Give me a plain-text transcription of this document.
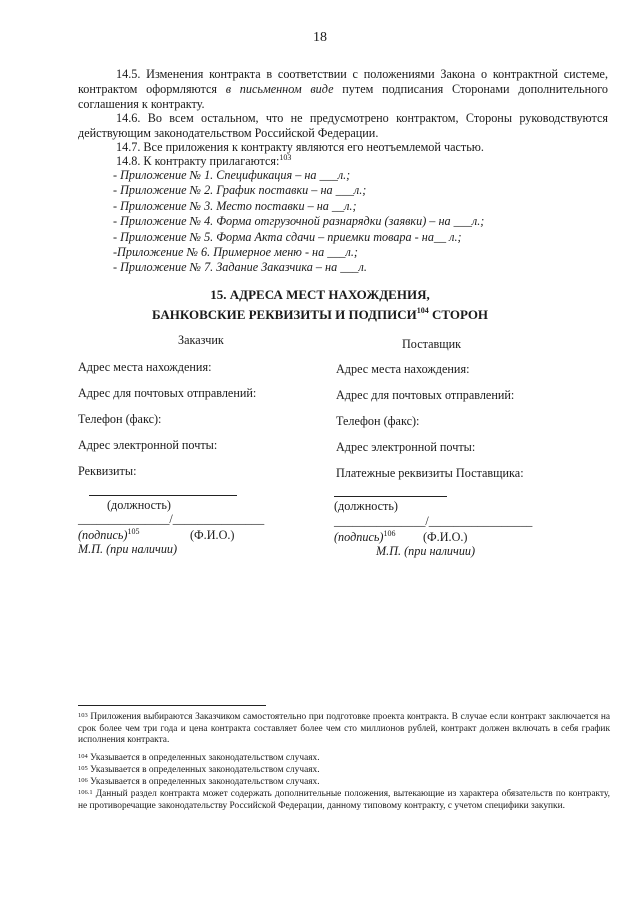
18
14.5. Изменения контракта в соответствии с положениями Закона о контрактной системе, контрактом оформляются в письменном виде путем подписания Сторонами дополнительного соглашения к контракту.
14.6. Во всем остальном, что не предусмотрено контрактом, Стороны руководствуются действующим законодательством Российской Федерации.
14.7. Все приложения к контракту являются его неотъемлемой частью.
14.8. К контракту прилагаются:$^{103}$
- Приложение № 1. Спецификация – на ___л.;
- Приложение № 2. График поставки – на ___л.;
- Приложение № 3. Место поставки – на __л.;
- Приложение № 4. Форма отгрузочной разнарядки (заявки) – на ___л.;
- Приложение № 5. Форма Акта сдачи – приемки товара - на__ л.;
-Приложение № 6. Примерное меню - на ___л.;
- Приложение № 7. Задание Заказчика – на ___л.
15. АДРЕСА МЕСТ НАХОЖДЕНИЯ,
БАНКОВСКИЕ РЕКВИЗИТЫ И ПОДПИСИ$^{104}$ СТОРОН
Заказчик	Поставщик
Адрес места нахождения:
Адрес для почтовых отправлений:
Телефон (факс):
Адрес электронной почты:
Реквизиты:
Адрес места нахождения:
Адрес для почтовых отправлений:
Телефон (факс):
Адрес электронной почты:
Платежные реквизиты Поставщика:
(должность)
_______________/_______________
(подпись)$^{105}$	(Ф.И.О.)
М.П. (при наличии)
(должность)
_______________/_________________
(подпись)$^{106}$ (Ф.И.О.)
М.П. (при наличии)
$^{103}$ Приложения выбираются Заказчиком самостоятельно при подготовке проекта контракта. В случае если контракт заключается на срок более чем три года и цена контракта составляет более чем сто миллионов рублей, контракт должен включать в себя график исполнения контракта.
$^{104}$ Указывается в определенных законодательством случаях.
$^{105}$ Указывается в определенных законодательством случаях.
$^{106}$ Указывается в определенных законодательством случаях.
$^{106.1}$ Данный раздел контракта может содержать дополнительные положения, вытекающие из характера обязательств по контракту, не противоречащие законодательству Российской Федерации, данному типовому контракту, с учетом специфики закупки.
